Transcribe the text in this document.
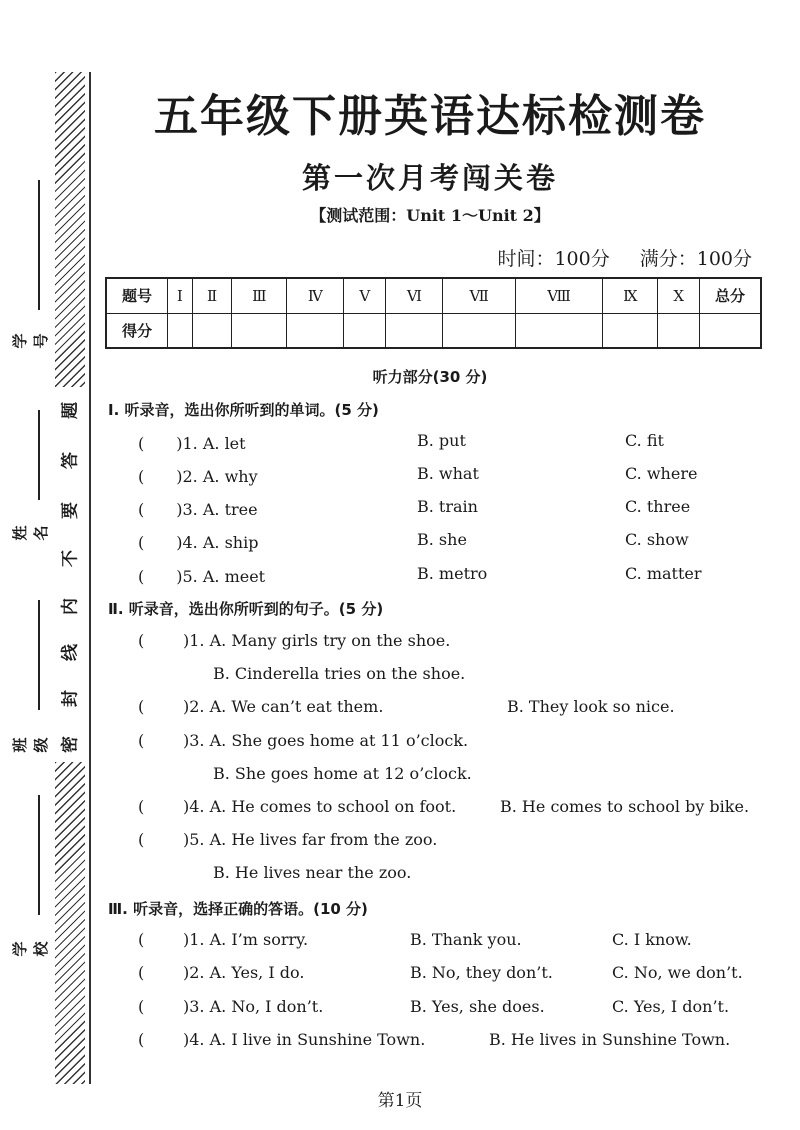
题
答
要
不
内
线
封
密
学号
姓名
班级
学校
五年级下册英语达标检测卷
第一次月考闯关卷
【测试范围：Unit 1～Unit 2】
时间：100分 满分：100分
题号	Ⅰ	Ⅱ	Ⅲ	Ⅳ	Ⅴ	Ⅵ	Ⅶ	Ⅷ	Ⅸ	Ⅹ	总分
得分											
听力部分(30 分)
Ⅰ. 听录音，选出你所听到的单词。(5 分)
(　　)1. A. let	B. put	C. fit
(　　)2. A. why	B. what	C. where
(　　)3. A. tree	B. train	C. three
(　　)4. A. ship	B. she	C. show
(　　)5. A. meet	B. metro	C. matter
Ⅱ. 听录音，选出你所听到的句子。(5 分)
( )1. A. Many girls try on the shoe.
B. Cinderella tries on the shoe.
( )2. A. We can’t eat them.	B. They look so nice.
( )3. A. She goes home at 11 o’clock.
B. She goes home at 12 o’clock.
( )4. A. He comes to school on foot.	B. He comes to school by bike.
( )5. A. He lives far from the zoo.
B. He lives near the zoo.
Ⅲ. 听录音，选择正确的答语。(10 分)
( )1. A. I’m sorry.	B. Thank you.	C. I know.
( )2. A. Yes, I do.	B. No, they don’t.	C. No, we don’t.
( )3. A. No, I don’t.	B. Yes, she does.	C. Yes, I don’t.
( )4. A. I live in Sunshine Town.	B. He lives in Sunshine Town.
第1页
